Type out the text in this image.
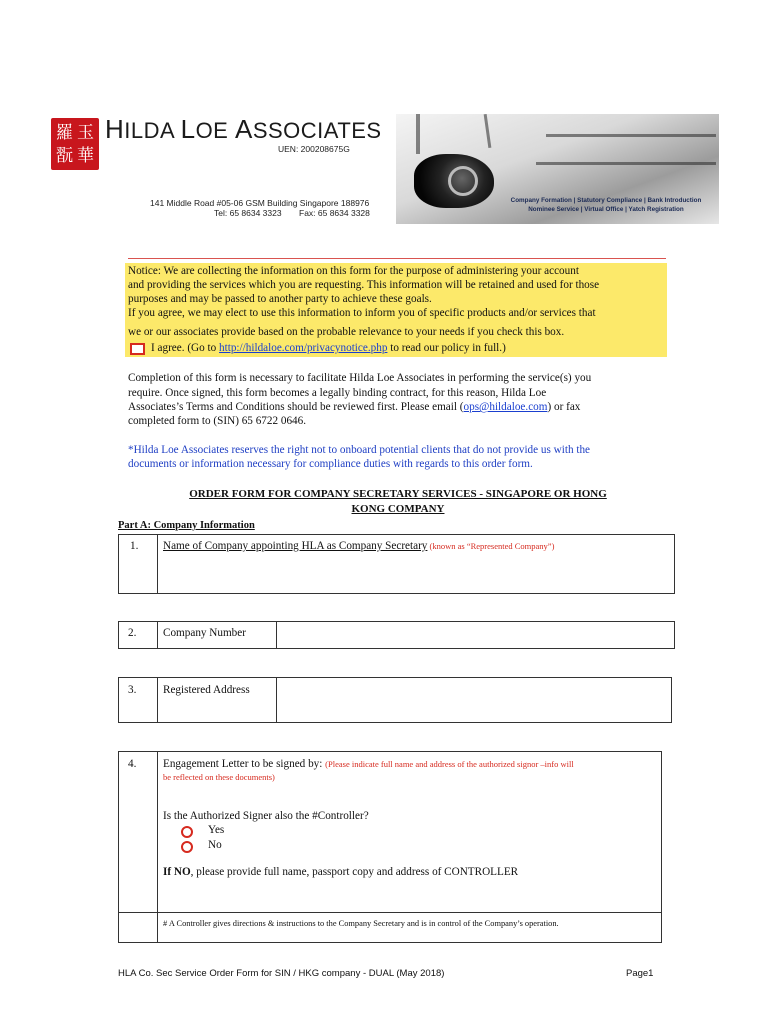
羅 玉
翫 華
HILDA LOE ASSOCIATES
UEN: 200208675G
141 Middle Road #05-06 GSM Building Singapore 188976
Tel: 65 8634 3323 Fax: 65 8634 3328
Company Formation | Statutory Compliance | Bank Introduction
Nominee Service | Virtual Office | Yatch Registration
Notice: We are collecting the information on this form for the purpose of administering your account
and providing the services which you are requesting. This information will be retained and used for those
purposes and may be passed to another party to achieve these goals.
If you agree, we may elect to use this information to inform you of specific products and/or services that
we or our associates provide based on the probable relevance to your needs if you check this box.
I agree. (Go to http://hildaloe.com/privacynotice.php to read our policy in full.)
Completion of this form is necessary to facilitate Hilda Loe Associates in performing the service(s) you
require. Once signed, this form becomes a legally binding contract, for this reason, Hilda Loe
Associates’s Terms and Conditions should be reviewed first. Please email (ops@hildaloe.com) or fax
completed form to (SIN) 65 6722 0646.
*Hilda Loe Associates reserves the right not to onboard potential clients that do not provide us with the
documents or information necessary for compliance duties with regards to this order form.
ORDER FORM FOR COMPANY SECRETARY SERVICES - SINGAPORE OR HONG
KONG COMPANY
Part A: Company Information
1. Name of Company appointing HLA as Company Secretary (known as “Represented Company”)
2. Company Number
3. Registered Address
4. Engagement Letter to be signed by: (Please indicate full name and address of the authorized signor –info will
be reflected on these documents)
Is the Authorized Signer also the #Controller?
Yes
No
If NO, please provide full name, passport copy and address of CONTROLLER
# A Controller gives directions & instructions to the Company Secretary and is in control of the Company’s operation.
HLA Co. Sec Service Order Form for SIN / HKG company - DUAL (May 2018)	Page1
